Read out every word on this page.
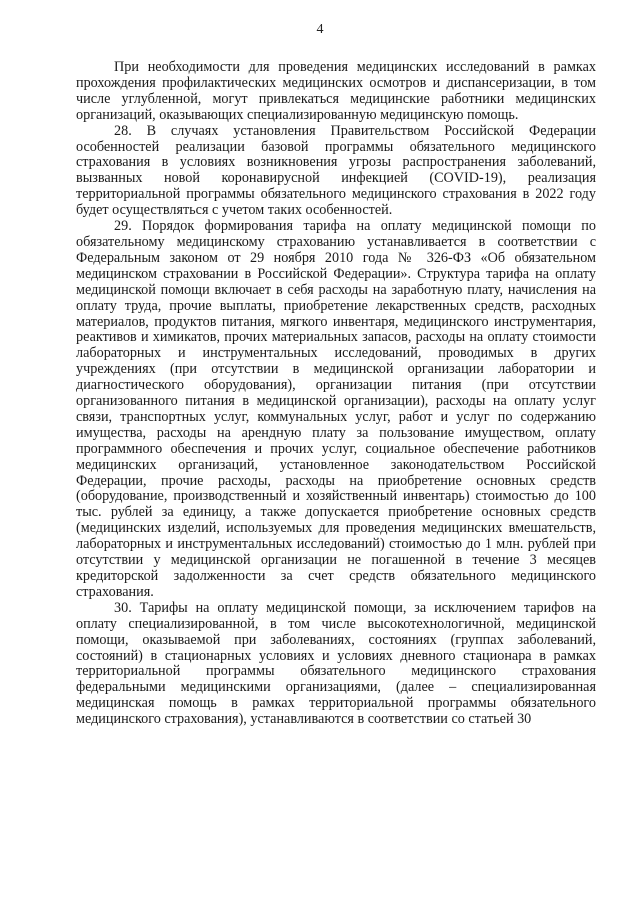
4

При необходимости для проведения медицинских исследований в рамках прохождения профилактических медицинских осмотров и диспансеризации, в том числе углубленной, могут привлекаться медицинские работники медицинских организаций, оказывающих специализированную медицинскую помощь.

28. В случаях установления Правительством Российской Федерации особенностей реализации базовой программы обязательного медицинского страхования в условиях возникновения угрозы распространения заболеваний, вызванных новой коронавирусной инфекцией (COVID-19), реализация территориальной программы обязательного медицинского страхования в 2022 году будет осуществляться с учетом таких особенностей.

29. Порядок формирования тарифа на оплату медицинской помощи по обязательному медицинскому страхованию устанавливается в соответствии с Федеральным законом от 29 ноября 2010 года № 326-ФЗ «Об обязательном медицинском страховании в Российской Федерации». Структура тарифа на оплату медицинской помощи включает в себя расходы на заработную плату, начисления на оплату труда, прочие выплаты, приобретение лекарственных средств, расходных материалов, продуктов питания, мягкого инвентаря, медицинского инструментария, реактивов и химикатов, прочих материальных запасов, расходы на оплату стоимости лабораторных и инструментальных исследований, проводимых в других учреждениях (при отсутствии в медицинской организации лаборатории и диагностического оборудования), организации питания (при отсутствии организованного питания в медицинской организации), расходы на оплату услуг связи, транспортных услуг, коммунальных услуг, работ и услуг по содержанию имущества, расходы на арендную плату за пользование имуществом, оплату программного обеспечения и прочих услуг, социальное обеспечение работников медицинских организаций, установленное законодательством Российской Федерации, прочие расходы, расходы на приобретение основных средств (оборудование, производственный и хозяйственный инвентарь) стоимостью до 100 тыс. рублей за единицу, а также допускается приобретение основных средств (медицинских изделий, используемых для проведения медицинских вмешательств, лабораторных и инструментальных исследований) стоимостью до 1 млн. рублей при отсутствии у медицинской организации не погашенной в течение 3 месяцев кредиторской задолженности за счет средств обязательного медицинского страхования.

30. Тарифы на оплату медицинской помощи, за исключением тарифов на оплату специализированной, в том числе высокотехнологичной, медицинской помощи, оказываемой при заболеваниях, состояниях (группах заболеваний, состояний) в стационарных условиях и условиях дневного стационара в рамках территориальной программы обязательного медицинского страхования федеральными медицинскими организациями, (далее – специализированная медицинская помощь в рамках территориальной программы обязательного медицинского страхования), устанавливаются в соответствии со статьей 30
